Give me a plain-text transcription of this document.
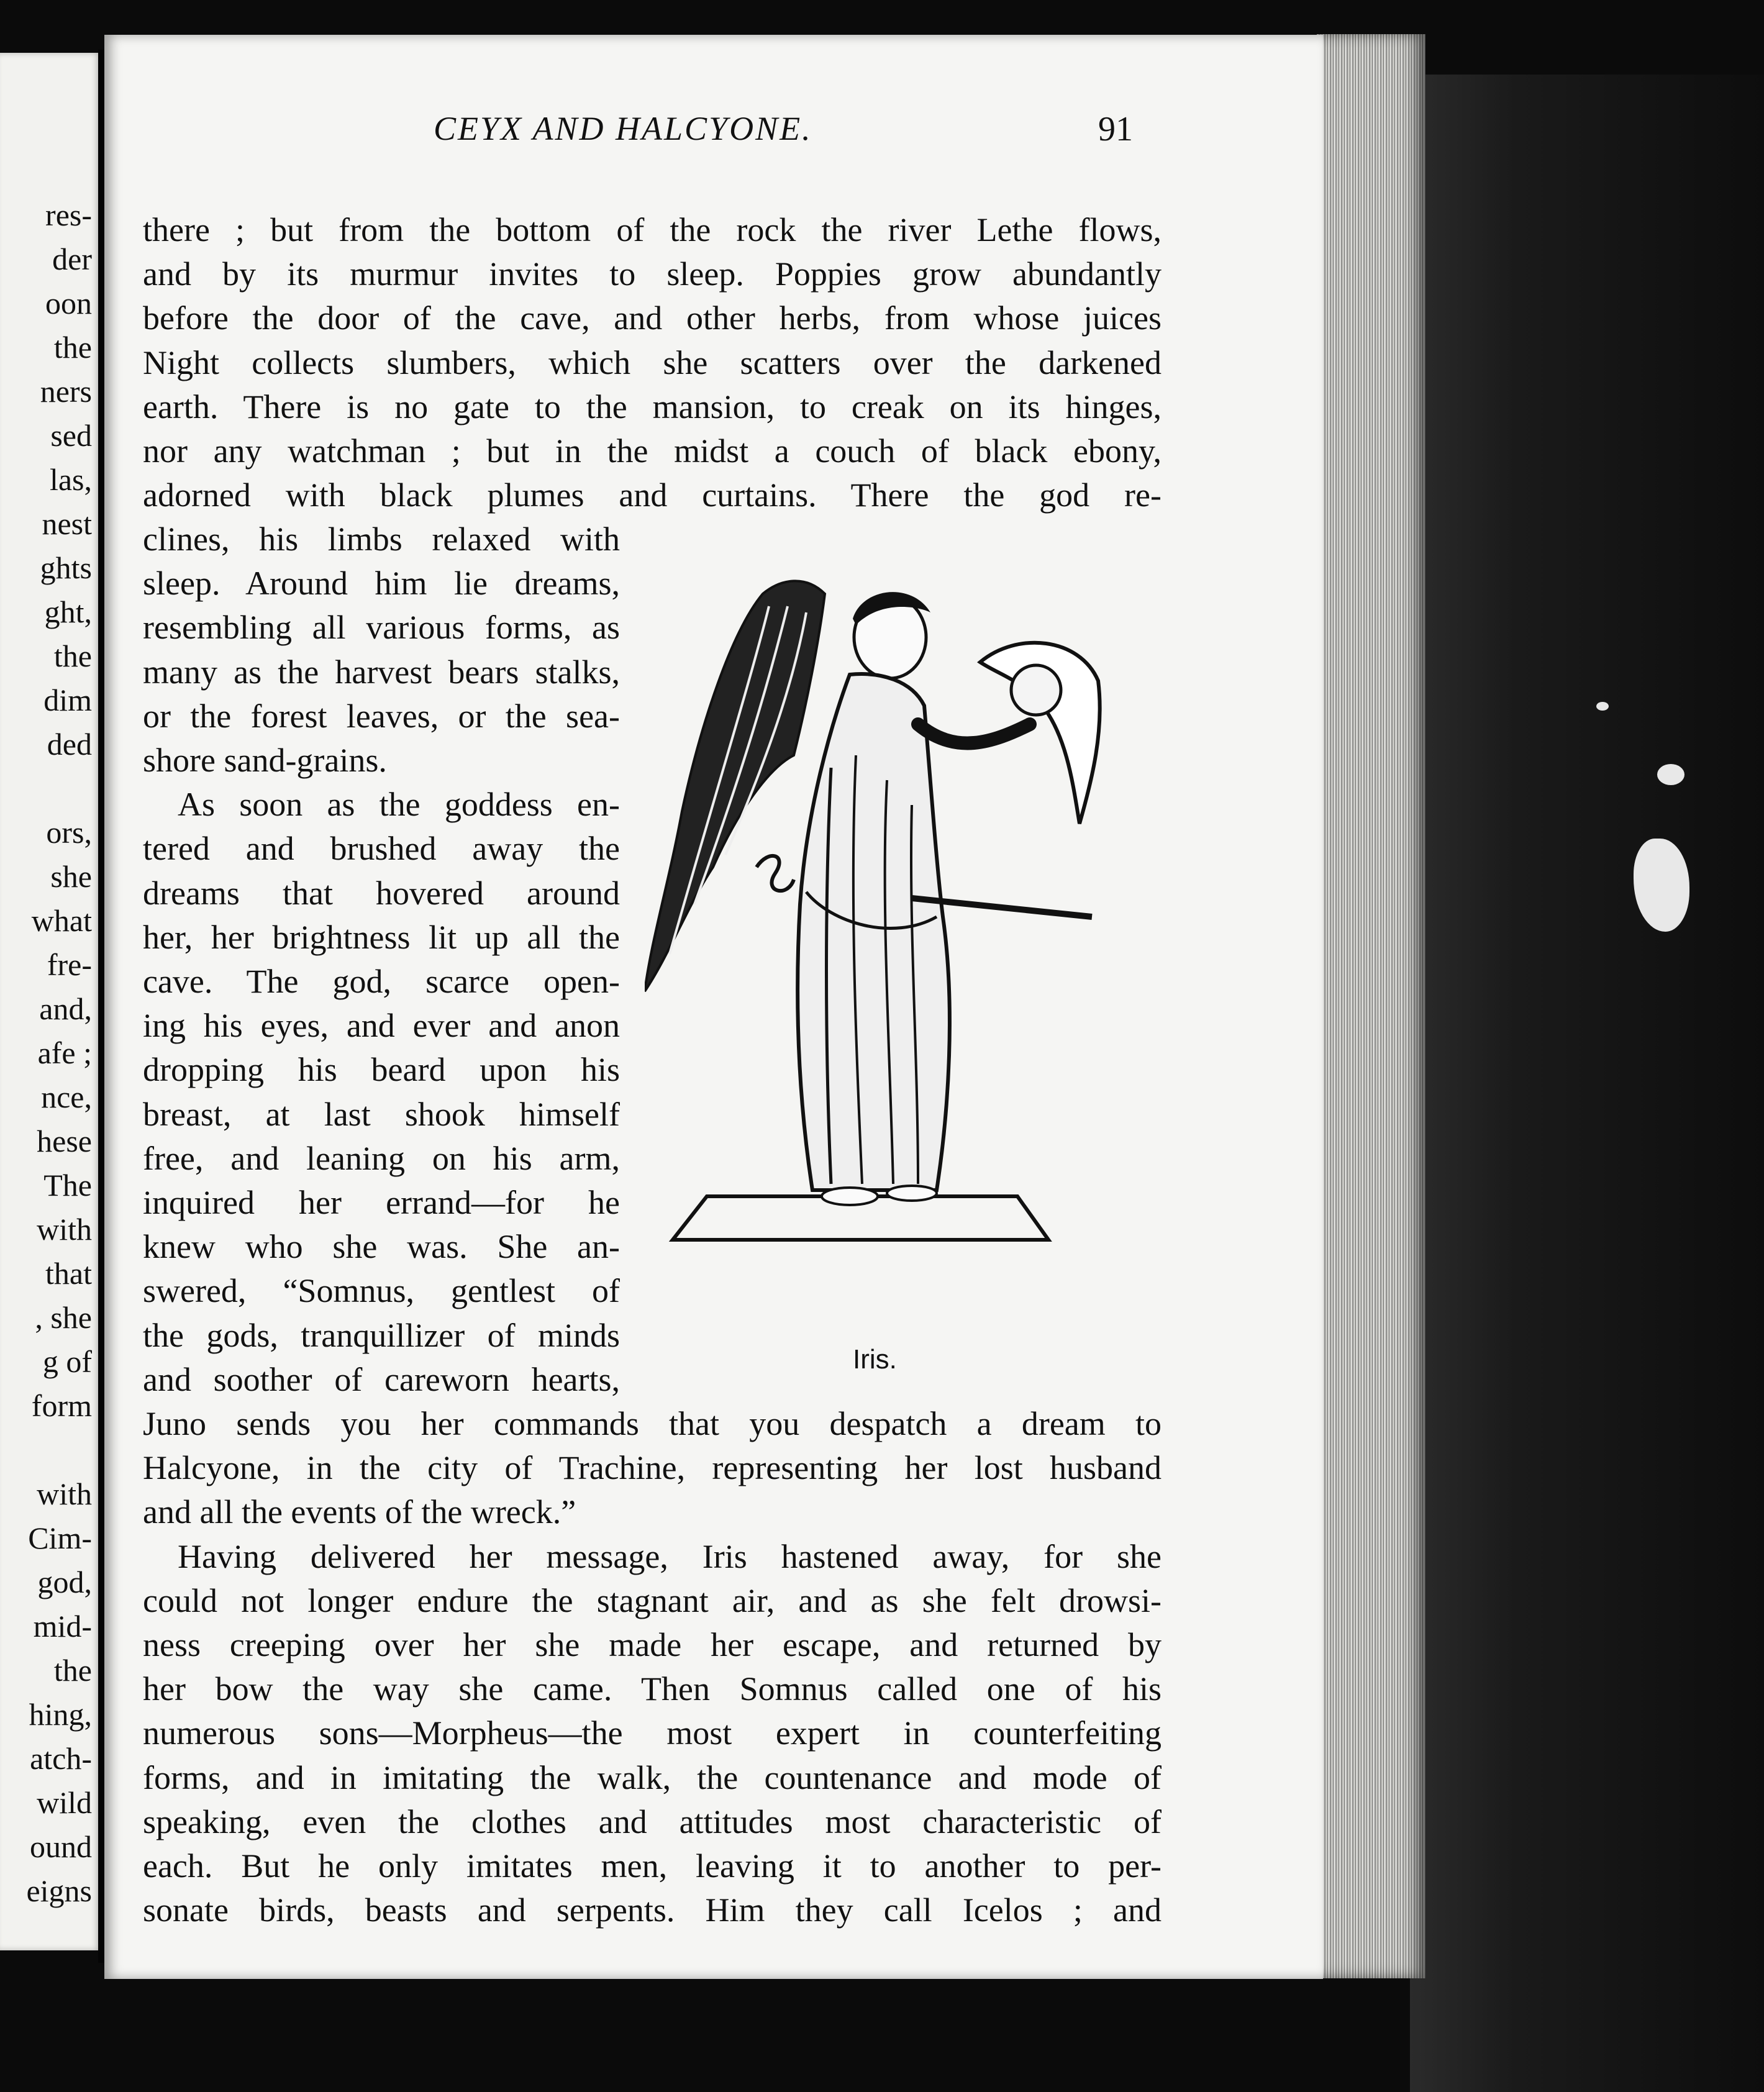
res-
der
oon
the
ners
sed
las,
nest
ghts
ght,
the
dim
ded
ors,
she
what
fre-
and,
afe ;
nce,
hese
The
with
that
, she
g of
form
with
Cim-
god,
mid-
the
hing,
atch-
wild
ound
eigns
CEYX AND HALCYONE.	91
there ; but from the bottom of the rock the river Lethe flows,
and by its murmur invites to sleep. Poppies grow abundantly
before the door of the cave, and other herbs, from whose juices
Night collects slumbers, which she scatters over the darkened
earth. There is no gate to the mansion, to creak on its hinges,
nor any watchman ; but in the midst a couch of black ebony,
adorned with black plumes and curtains. There the god re-
clines, his limbs relaxed with
sleep. Around him lie dreams,
resembling all various forms, as
many as the harvest bears stalks,
or the forest leaves, or the sea-
shore sand-grains.
As soon as the goddess en-
tered and brushed away the
dreams that hovered around
her, her brightness lit up all the
cave. The god, scarce open-
ing his eyes, and ever and anon
dropping his beard upon his
breast, at last shook himself
free, and leaning on his arm,
inquired her errand—for he
knew who she was. She an-
swered, “Somnus, gentlest of
the gods, tranquillizer of minds
and soother of careworn hearts,
Juno sends you her commands that you despatch a dream to
Halcyone, in the city of Trachine, representing her lost husband
and all the events of the wreck.”
Having delivered her message, Iris hastened away, for she
could not longer endure the stagnant air, and as she felt drowsi-
ness creeping over her she made her escape, and returned by
her bow the way she came. Then Somnus called one of his
numerous sons—Morpheus—the most expert in counterfeiting
forms, and in imitating the walk, the countenance and mode of
speaking, even the clothes and attitudes most characteristic of
each. But he only imitates men, leaving it to another to per-
sonate birds, beasts and serpents. Him they call Icelos ; and
Iris.
